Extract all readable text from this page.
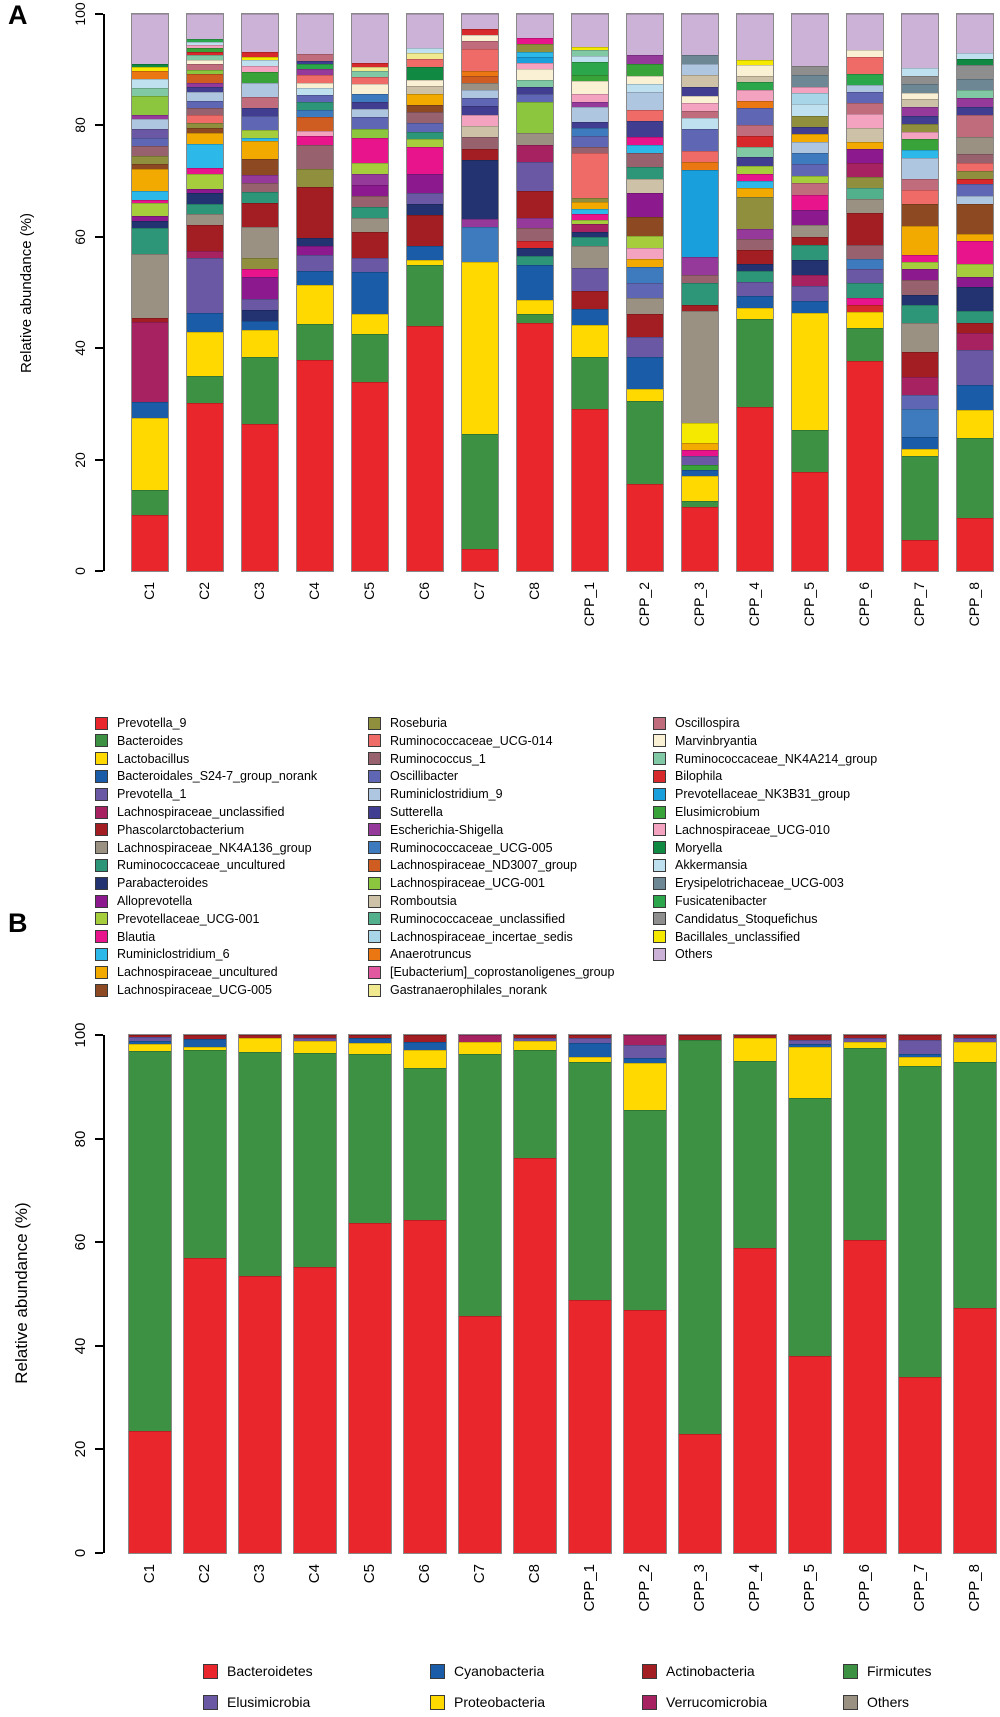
A
Relative abundance (%)
0
20
40
60
80
100
C1	C2	C3	C4	C5	C6	C7	C8	CPP_1	CPP_2	CPP_3	CPP_4	CPP_5	CPP_6	CPP_7	CPP_8
Prevotella_9
Bacteroides
Lactobacillus
Bacteroidales_S24-7_group_norank
Prevotella_1
Lachnospiraceae_unclassified
Phascolarctobacterium
Lachnospiraceae_NK4A136_group
Ruminococcaceae_uncultured
Parabacteroides
Alloprevotella
Prevotellaceae_UCG-001
Blautia
Ruminiclostridium_6
Lachnospiraceae_uncultured
Lachnospiraceae_UCG-005
Roseburia
Ruminococcaceae_UCG-014
Ruminococcus_1
Oscillibacter
Ruminiclostridium_9
Sutterella
Escherichia-Shigella
Ruminococcaceae_UCG-005
Lachnospiraceae_ND3007_group
Lachnospiraceae_UCG-001
Romboutsia
Ruminococcaceae_unclassified
Lachnospiraceae_incertae_sedis
Anaerotruncus
[Eubacterium]_coprostanoligenes_group
Gastranaerophilales_norank
Oscillospira
Marvinbryantia
Ruminococcaceae_NK4A214_group
Bilophila
Prevotellaceae_NK3B31_group
Elusimicrobium
Lachnospiraceae_UCG-010
Moryella
Akkermansia
Erysipelotrichaceae_UCG-003
Fusicatenibacter
Candidatus_Stoquefichus
Bacillales_unclassified
Others
B
Relative abundance (%)
0
20
40
60
80
100
C1	C2	C3	C4	C5	C6	C7	C8	CPP_1	CPP_2	CPP_3	CPP_4	CPP_5	CPP_6	CPP_7	CPP_8
Bacteroidetes	Cyanobacteria	Actinobacteria	Firmicutes
Elusimicrobia	Proteobacteria	Verrucomicrobia	Others
